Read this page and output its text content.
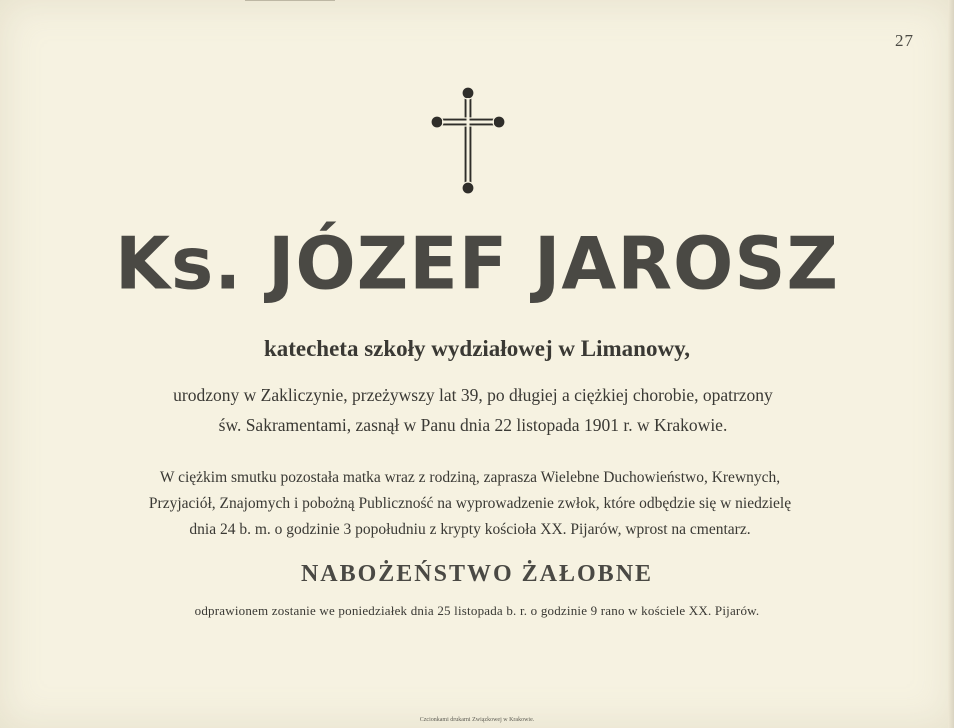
27
Ks. JÓZEF JAROSZ
katecheta szkoły wydziałowej w Limanowy,

urodzony w Zakliczynie, przeżywszy lat 39, po długiej a ciężkiej chorobie, opatrzony

św. Sakramentami, zasnął w Panu dnia 22 listopada 1901 r. w Krakowie.

W ciężkim smutku pozostała matka wraz z rodziną, zaprasza Wielebne Duchowieństwo, Krewnych,

Przyjaciół, Znajomych i pobożną Publiczność na wyprowadzenie zwłok, które odbędzie się w niedzielę

dnia 24 b. m. o godzinie 3 popołudniu z krypty kościoła XX. Pijarów, wprost na cmentarz.

NABOŻEŃSTWO ŻAŁOBNE
odprawionem zostanie we poniedziałek dnia 25 listopada b. r. o godzinie 9 rano w kościele XX. Pijarów.
Czcionkami drukarni Związkowej w Krakowie.
